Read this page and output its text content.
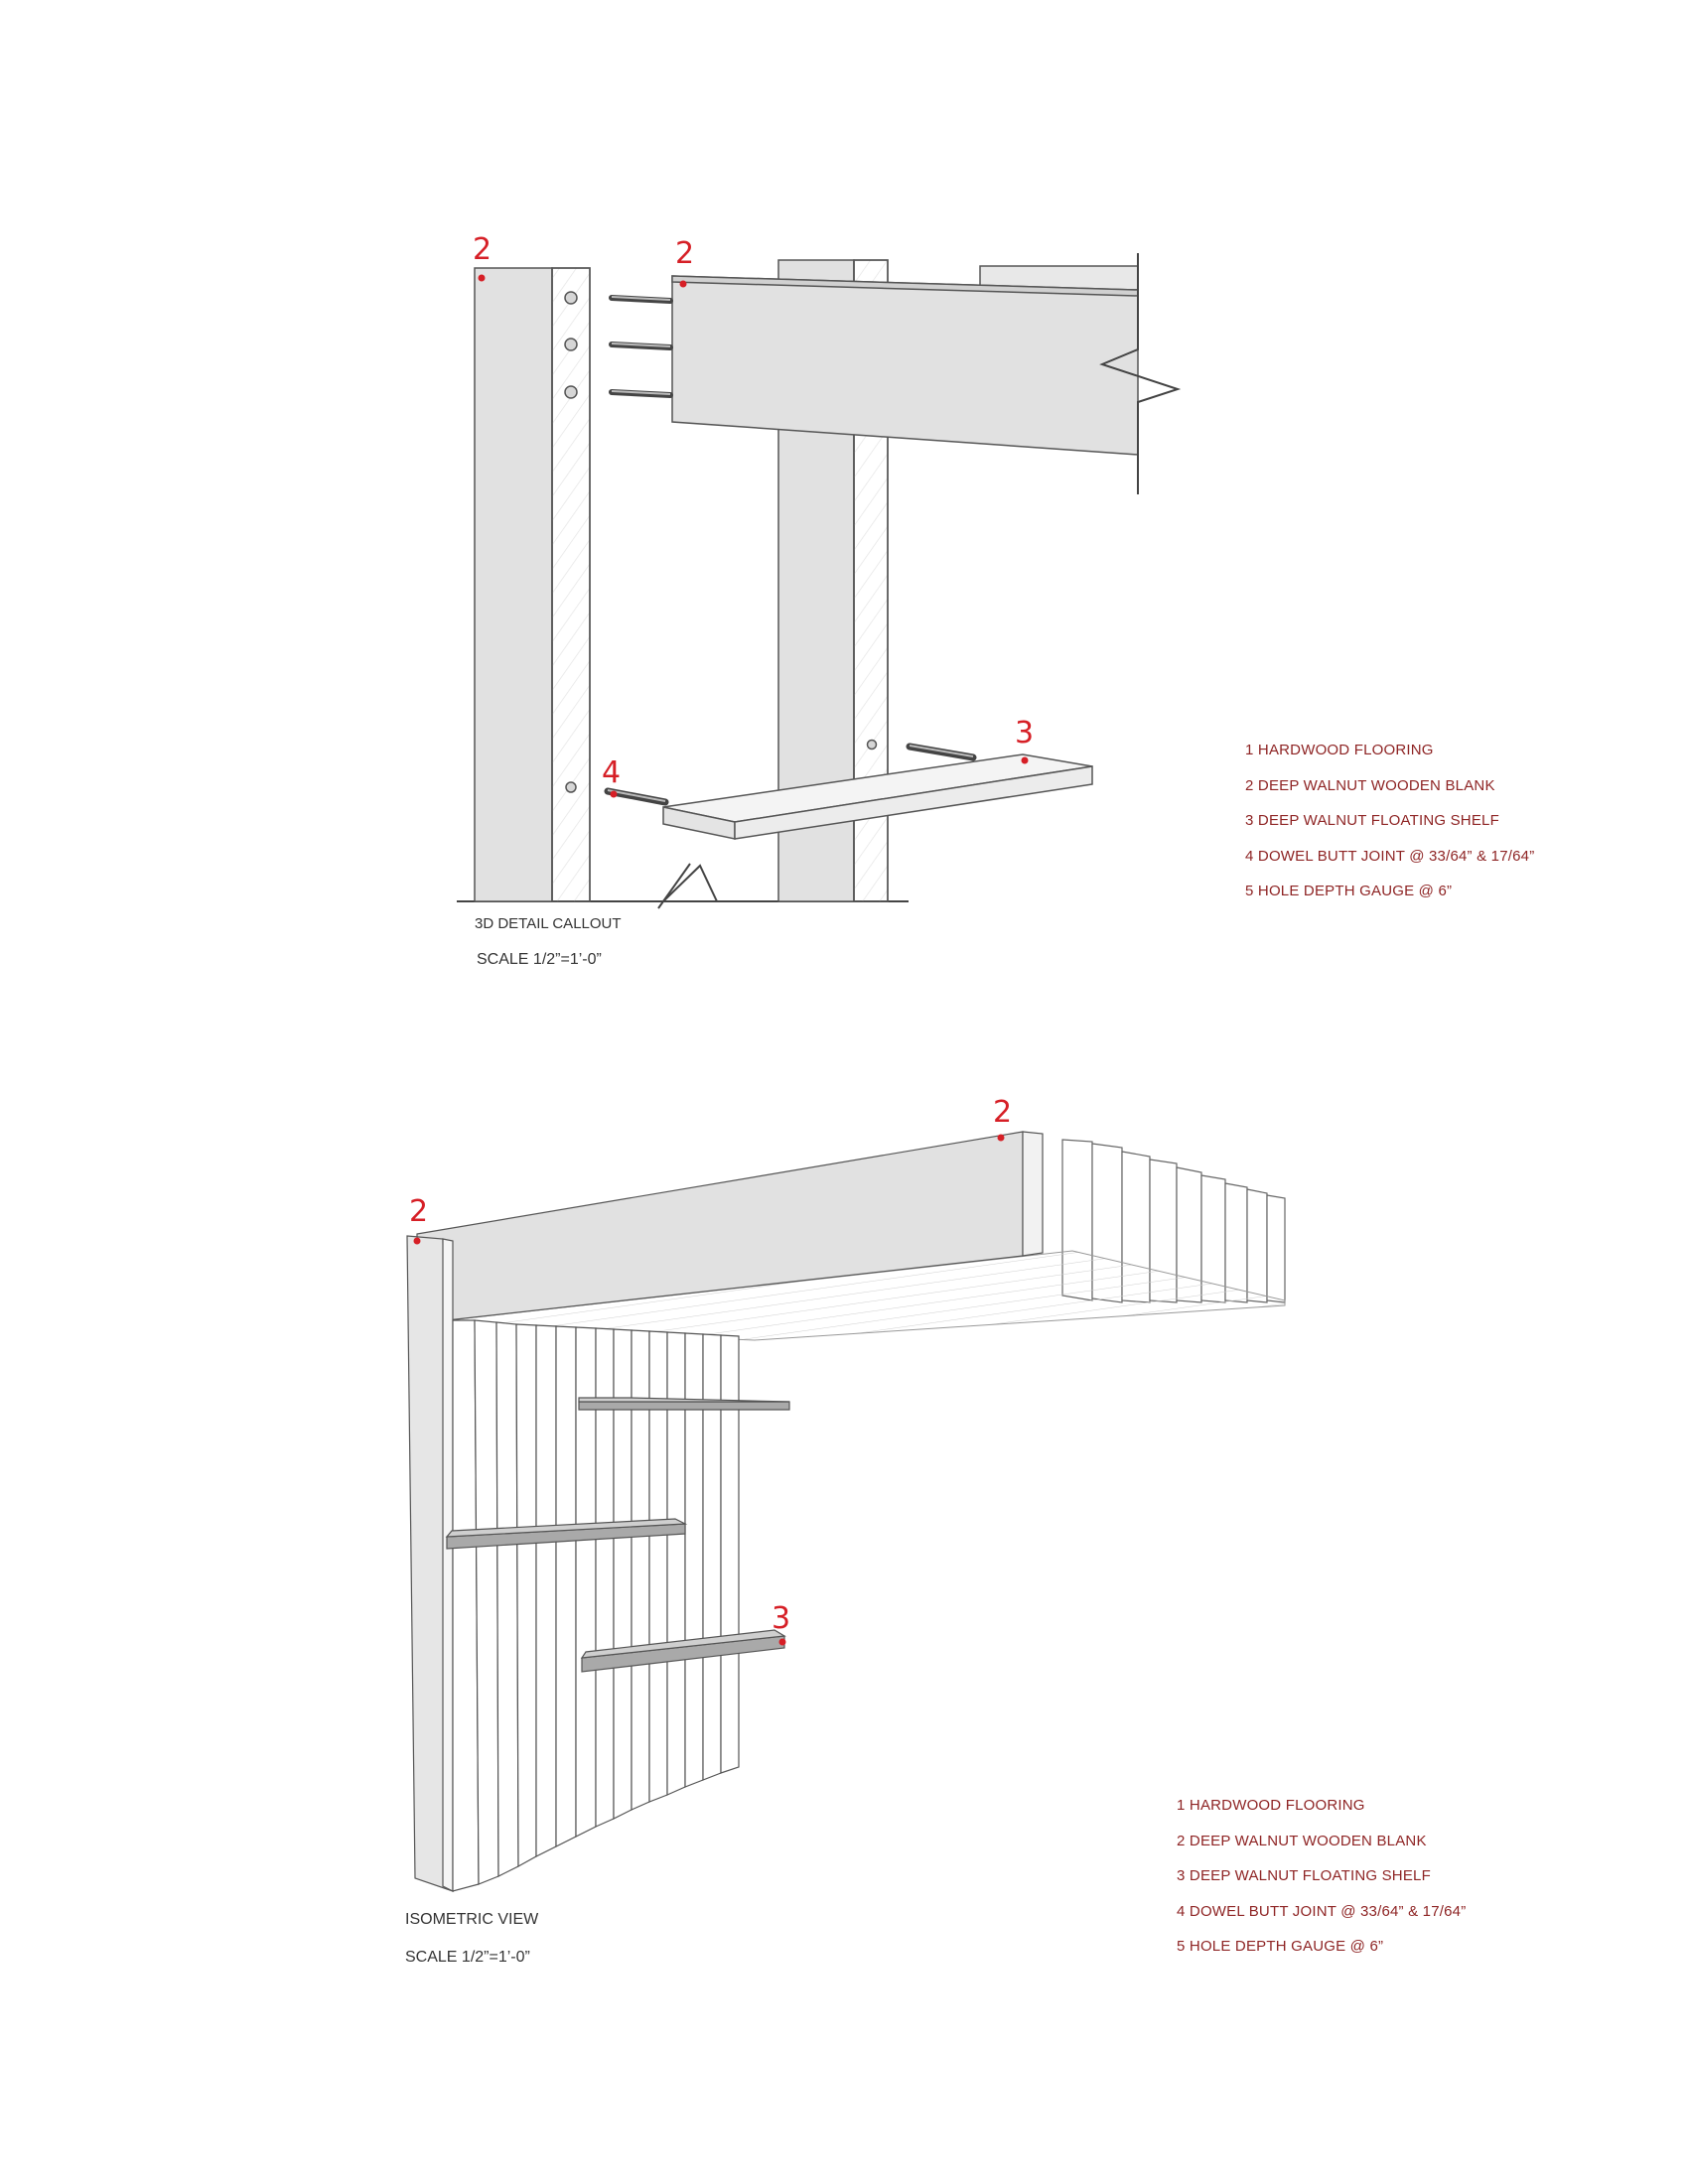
2	2
3
4
2
2
3
3D DETAIL CALLOUT
SCALE 1/2”=1’-0”
ISOMETRIC VIEW
SCALE 1/2”=1’-0”
1 HARDWOOD FLOORING
2 DEEP WALNUT WOODEN BLANK
3 DEEP WALNUT FLOATING SHELF
4 DOWEL BUTT JOINT @ 33/64” & 17/64”
5 HOLE DEPTH GAUGE @ 6”
1 HARDWOOD FLOORING
2 DEEP WALNUT WOODEN BLANK
3 DEEP WALNUT FLOATING SHELF
4 DOWEL BUTT JOINT @ 33/64” & 17/64”
5 HOLE DEPTH GAUGE @ 6”
